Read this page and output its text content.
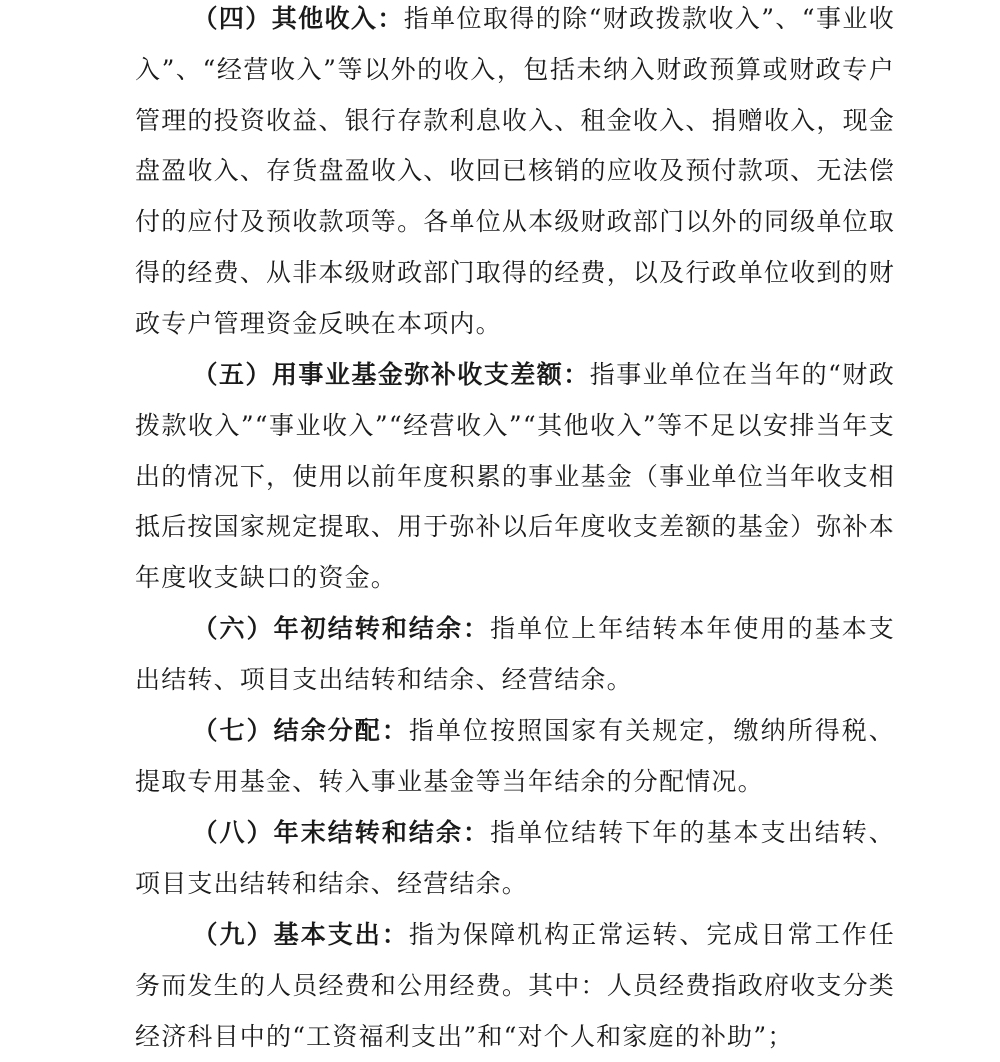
（四）其他收入：指单位取得的除“财政拨款收入”、“事业收入”、“经营收入”等以外的收入，包括未纳入财政预算或财政专户管理的投资收益、银行存款利息收入、租金收入、捐赠收入，现金盘盈收入、存货盘盈收入、收回已核销的应收及预付款项、无法偿付的应付及预收款项等。各单位从本级财政部门以外的同级单位取得的经费、从非本级财政部门取得的经费，以及行政单位收到的财政专户管理资金反映在本项内。

（五）用事业基金弥补收支差额：指事业单位在当年的“财政拨款收入”“事业收入”“经营收入”“其他收入”等不足以安排当年支出的情况下，使用以前年度积累的事业基金（事业单位当年收支相抵后按国家规定提取、用于弥补以后年度收支差额的基金）弥补本年度收支缺口的资金。

（六）年初结转和结余：指单位上年结转本年使用的基本支出结转、项目支出结转和结余、经营结余。

（七）结余分配：指单位按照国家有关规定，缴纳所得税、提取专用基金、转入事业基金等当年结余的分配情况。

（八）年末结转和结余：指单位结转下年的基本支出结转、项目支出结转和结余、经营结余。

（九）基本支出：指为保障机构正常运转、完成日常工作任务而发生的人员经费和公用经费。其中：人员经费指政府收支分类经济科目中的“工资福利支出”和“对个人和家庭的补助”；
